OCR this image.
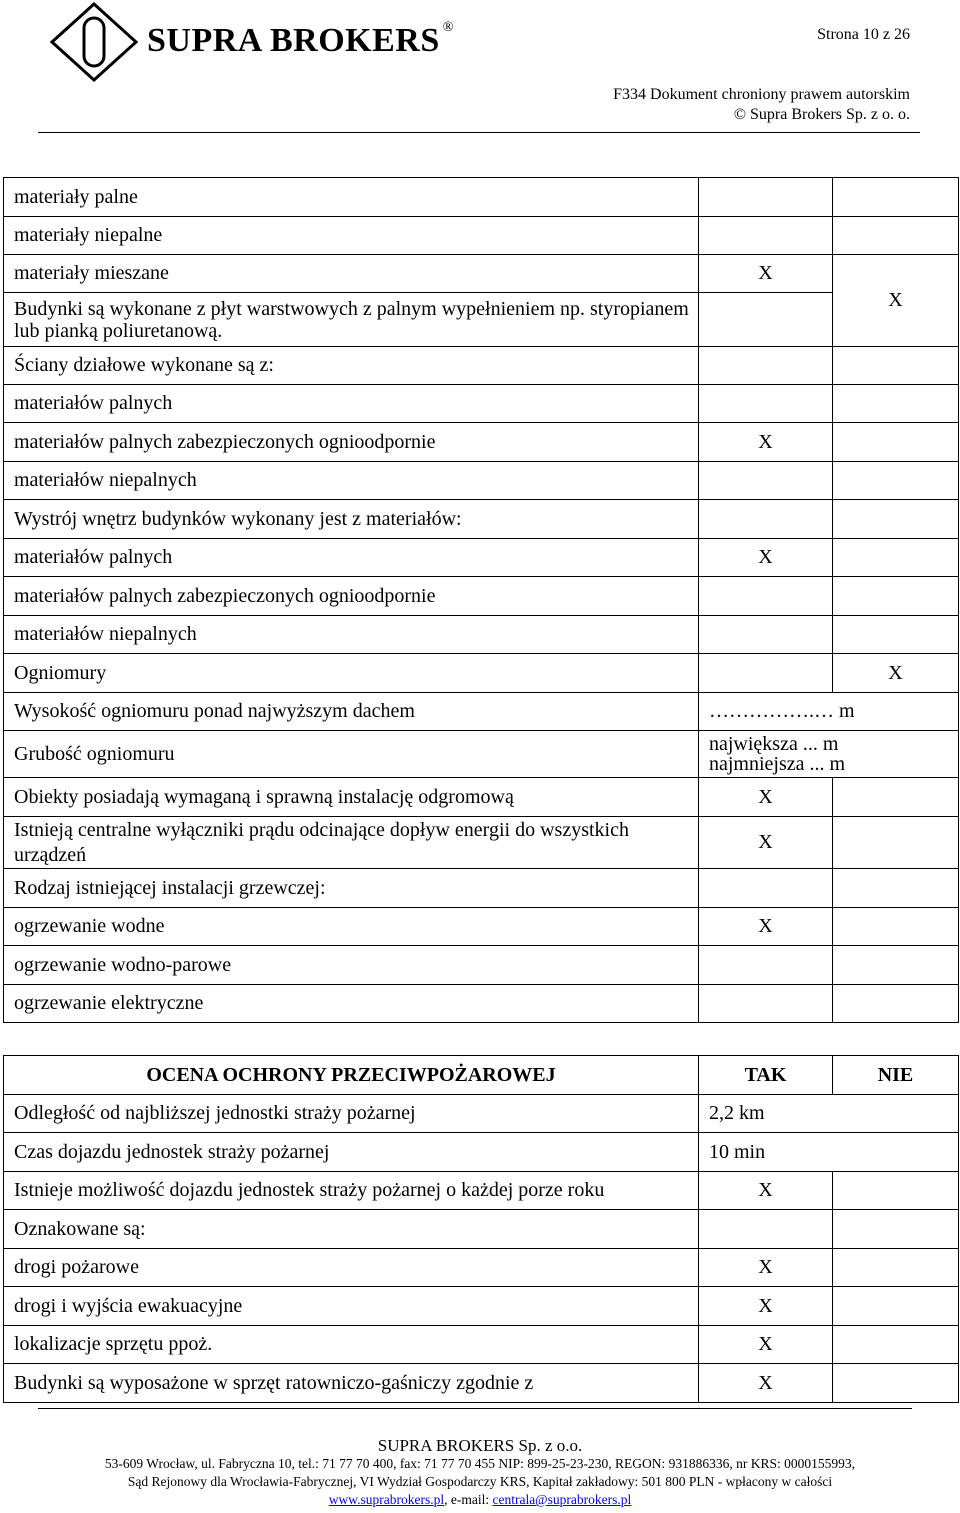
SUPRA BROKERS ®	Strona 10 z 26
F334 Dokument chroniony prawem autorskim
© Supra Brokers Sp. z o. o.
materiały palne		
materiały niepalne		
materiały mieszane	X	X
Budynki są wykonane z płyt warstwowych z palnym wypełnieniem np. styropianem lub pianką poliuretanową.		
Ściany działowe wykonane są z:		
materiałów palnych		
materiałów palnych zabezpieczonych ognioodpornie	X	
materiałów niepalnych		
Wystrój wnętrz budynków wykonany jest z materiałów:		
materiałów palnych	X	
materiałów palnych zabezpieczonych ognioodpornie		
materiałów niepalnych		
Ogniomury		X
Wysokość ogniomuru ponad najwyższym dachem	…………….… m	
Grubość ogniomuru	największa ... m
najmniejsza ... m	

Obiekty posiadają wymaganą i sprawną instalację odgromową	X	
Istnieją centralne wyłączniki prądu odcinające dopływ energii do wszystkich urządzeń	X	
Rodzaj istniejącej instalacji grzewczej:		
ogrzewanie wodne	X	
ogrzewanie wodno-parowe		
ogrzewanie elektryczne		
OCENA OCHRONY PRZECIWPOŻAROWEJ	TAK	NIE
Odległość od najbliższej jednostki straży pożarnej	2,2 km	
Czas dojazdu jednostek straży pożarnej	10 min	
Istnieje możliwość dojazdu jednostek straży pożarnej o każdej porze roku	X	
Oznakowane są:		
drogi pożarowe	X	
drogi i wyjścia ewakuacyjne	X	
lokalizacje sprzętu ppoż.	X	
Budynki są wyposażone w sprzęt ratowniczo-gaśniczy zgodnie z	X	
SUPRA BROKERS Sp. z o.o.
53-609 Wrocław, ul. Fabryczna 10, tel.: 71 77 70 400, fax: 71 77 70 455 NIP: 899-25-23-230, REGON: 931886336, nr KRS: 0000155993,
Sąd Rejonowy dla Wrocławia-Fabrycznej, VI Wydział Gospodarczy KRS, Kapitał zakładowy: 501 800 PLN - wpłacony w całości
www.suprabrokers.pl, e-mail: centrala@suprabrokers.pl
